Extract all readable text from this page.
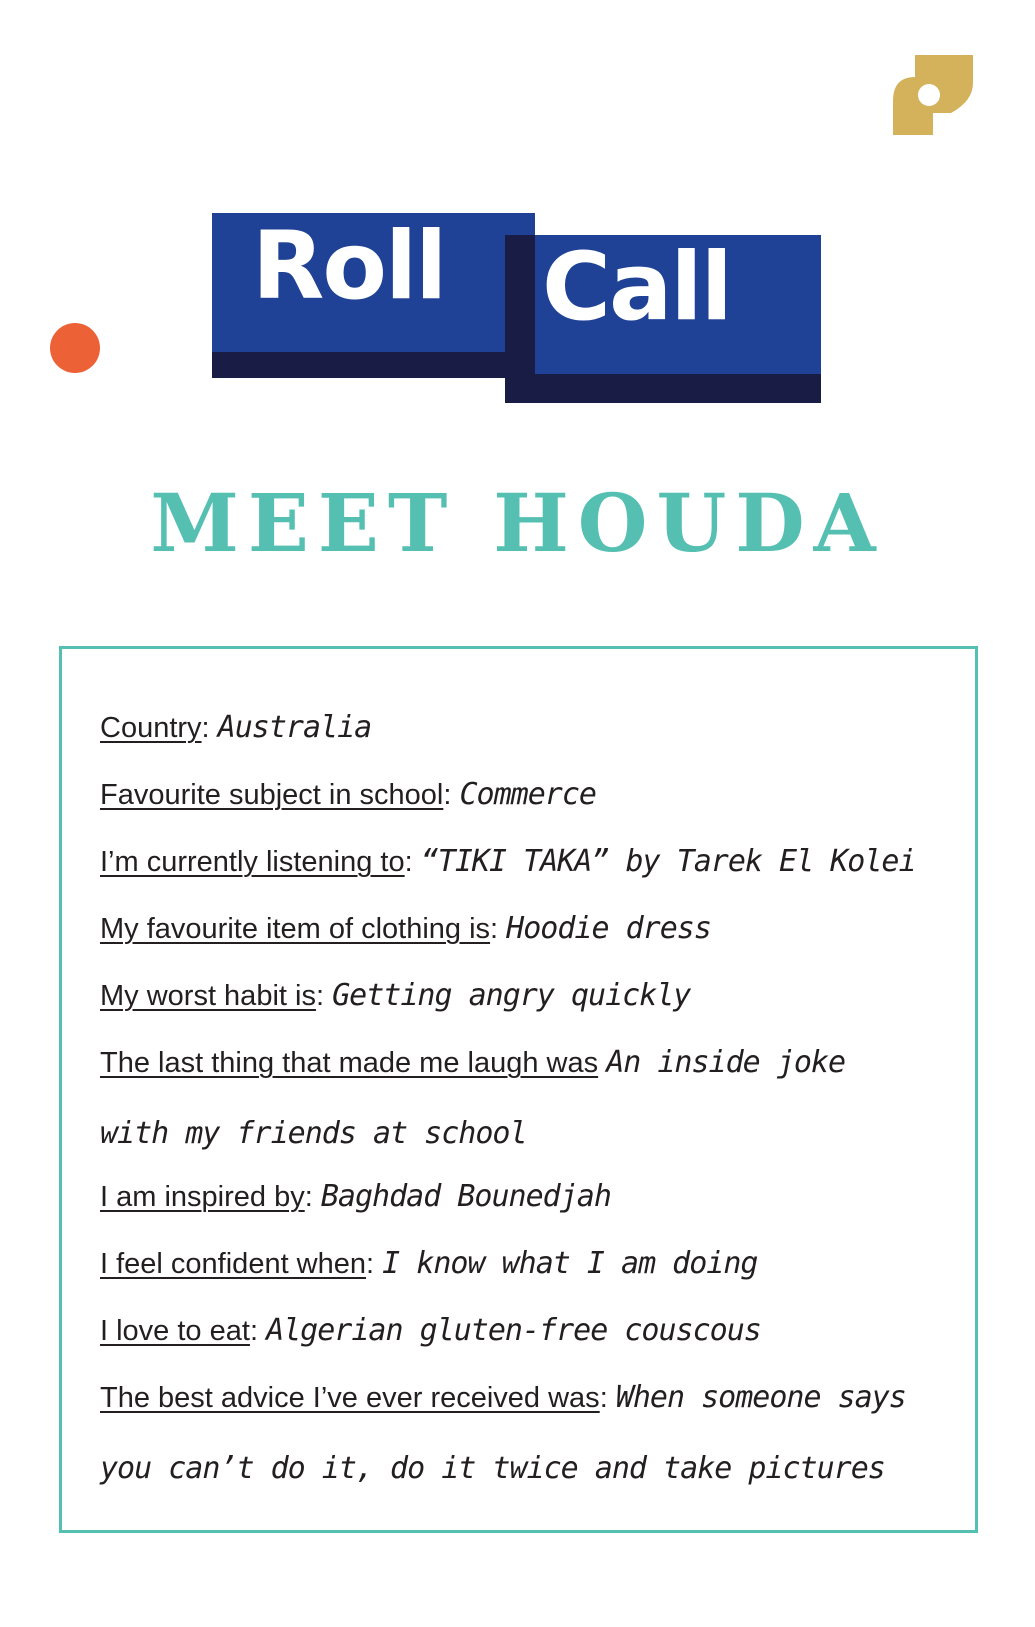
Roll Call
MEET HOUDA
Country: Australia
Favourite subject in school: Commerce
I’m currently listening to: “TIKI TAKA” by Tarek El Kolei
My favourite item of clothing is: Hoodie dress
My worst habit is: Getting angry quickly
The last thing that made me laugh was An inside joke with my friends at school
I am inspired by: Baghdad Bounedjah
I feel confident when: I know what I am doing
I love to eat: Algerian gluten-free couscous
The best advice I’ve ever received was: When someone says you can’t do it, do it twice and take pictures
